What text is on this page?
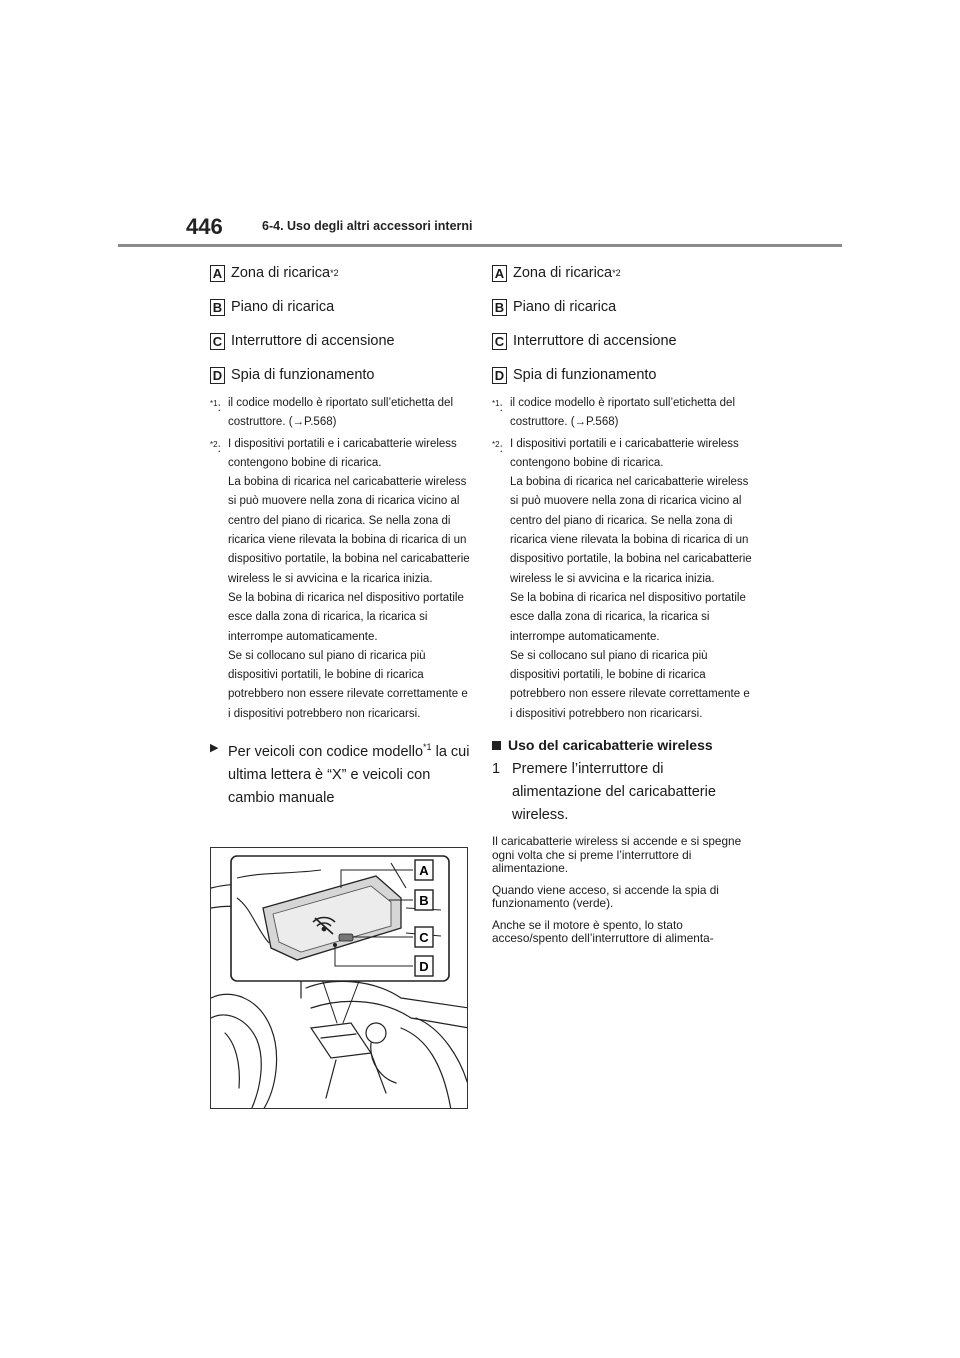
446	6-4. Uso degli altri accessori interni
A Zona di ricarica *2
B Piano di ricarica
C Interruttore di accensione
D Spia di funzionamento
$^{*1}$: il codice modello è riportato sull’etichetta del costruttore. (→P.568)
$^{*2}$: I dispositivi portatili e i caricabatterie wireless contengono bobine di ricarica.

La bobina di ricarica nel caricabatterie wireless si può muovere nella zona di ricarica vicino al centro del piano di ricarica. Se nella zona di ricarica viene rilevata la bobina di ricarica di un dispositivo portatile, la bobina nel caricabatterie wireless le si avvicina e la ricarica inizia.

Se la bobina di ricarica nel dispositivo portatile esce dalla zona di ricarica, la ricarica si interrompe automaticamente.

Se si collocano sul piano di ricarica più dispositivi portatili, le bobine di ricarica potrebbero non essere rilevate correttamente e i dispositivi potrebbero non ricaricarsi.

▶ Per veicoli con codice modello$^{*1}$ la cui ultima lettera è “X” e veicoli con cambio manuale
A
B
C
D
A Zona di ricarica *2
B Piano di ricarica
C Interruttore di accensione
D Spia di funzionamento
$^{*1}$: il codice modello è riportato sull’etichetta del costruttore. (→P.568)
$^{*2}$: I dispositivi portatili e i caricabatterie wireless contengono bobine di ricarica.

La bobina di ricarica nel caricabatterie wireless si può muovere nella zona di ricarica vicino al centro del piano di ricarica. Se nella zona di ricarica viene rilevata la bobina di ricarica di un dispositivo portatile, la bobina nel caricabatterie wireless le si avvicina e la ricarica inizia.

Se la bobina di ricarica nel dispositivo portatile esce dalla zona di ricarica, la ricarica si interrompe automaticamente.

Se si collocano sul piano di ricarica più dispositivi portatili, le bobine di ricarica potrebbero non essere rilevate correttamente e i dispositivi potrebbero non ricaricarsi.

Uso del caricabatterie wireless
1 Premere l’interruttore di alimentazione del caricabatterie wireless.
Il caricabatterie wireless si accende e si spegne ogni volta che si preme l’interruttore di alimentazione.
Quando viene acceso, si accende la spia di funzionamento (verde).
Anche se il motore è spento, lo stato acceso/spento dell’interruttore di alimenta-
